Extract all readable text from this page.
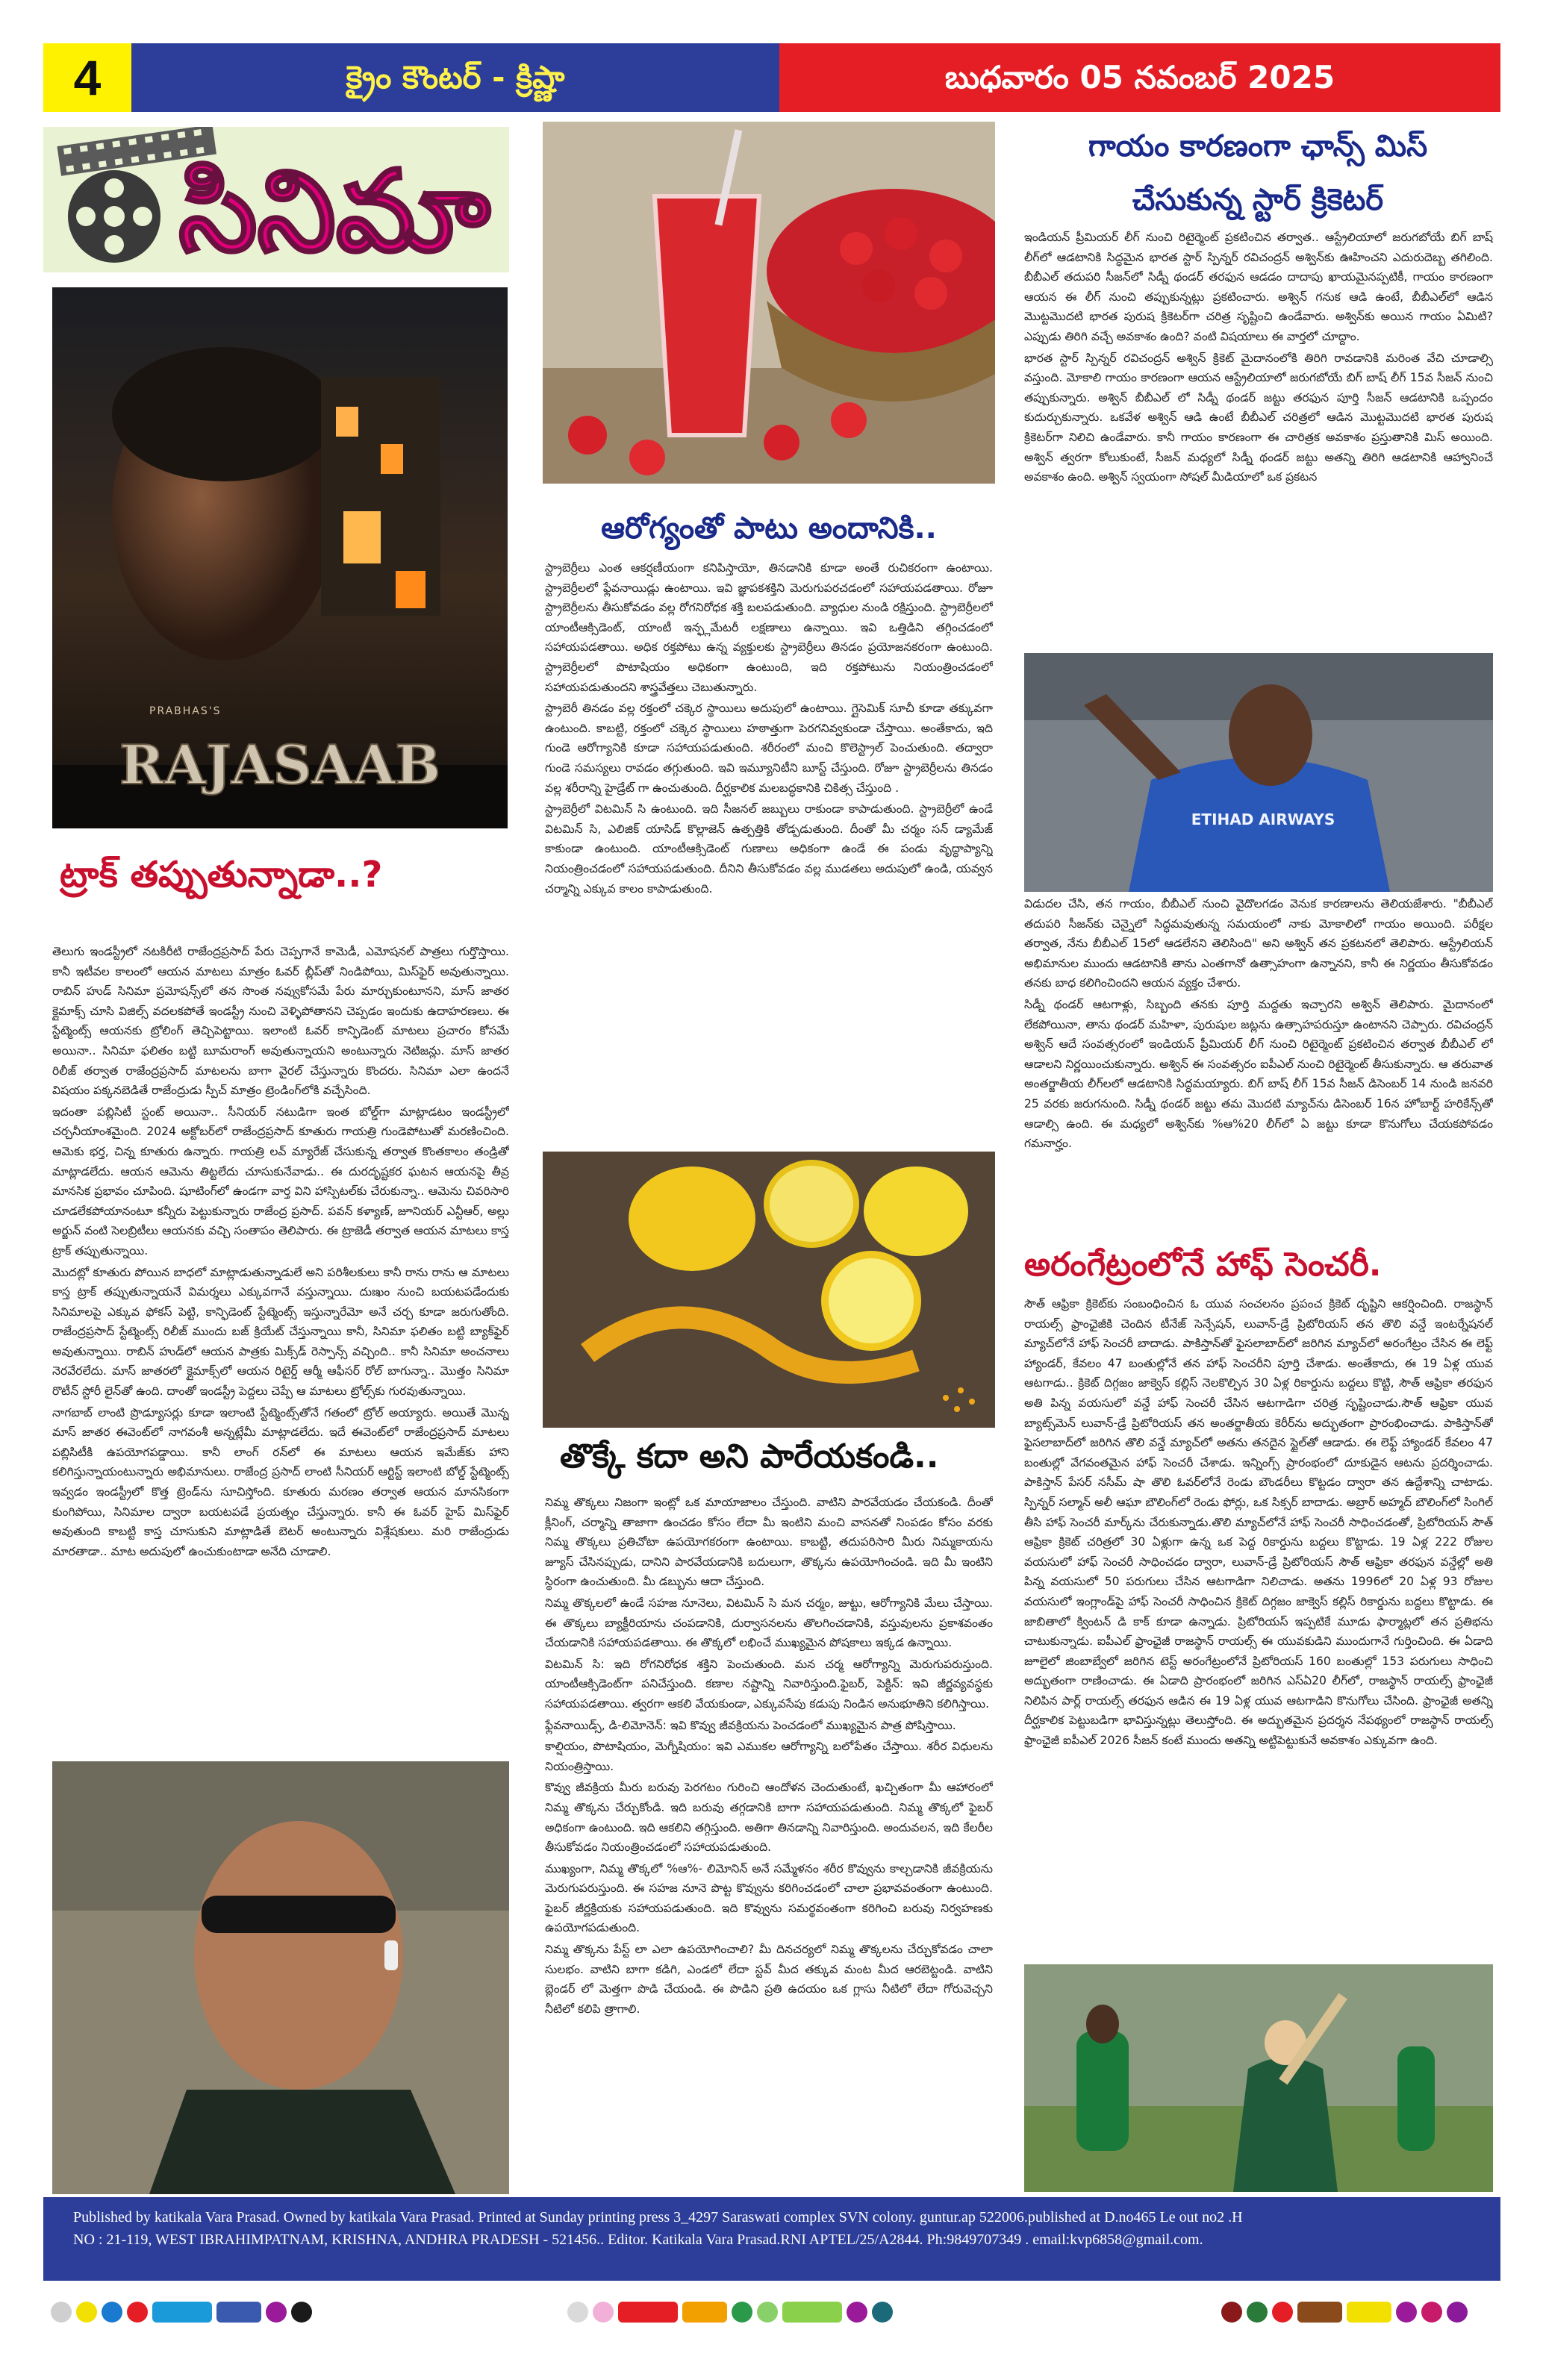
4	క్రైం కౌంటర్ - క్రిష్ణా	బుధవారం 05 నవంబర్ 2025
సినిమా
PRABHAS'S
RAJASAAB
ట్రాక్ తప్పుతున్నాడా..?

తెలుగు ఇండస్ట్రీలో నటకిరీటి రాజేంద్రప్రసాద్ పేరు చెప్పగానే కామెడీ, ఎమోషనల్ పాత్రలు గుర్తొస్తాయి. కానీ ఇటీవల కాలంలో ఆయన మాటలు మాత్రం ఓవర్ బ్లీప్‌తో నిండిపోయి, మిస్‌ఫైర్ అవుతున్నాయి. రాబిన్ హుడ్ సినిమా ప్రమోషన్స్‌లో తన సొంత నవ్వుకోసమే పేరు మార్చుకుంటూనని, మాస్ జాతర క్లైమాక్స్ చూసి విజిల్స్ వదలకపోతే ఇండస్ట్రీ నుంచి వెళ్ళిపోతానని చెప్పడం ఇందుకు ఉదాహరణలు. ఈ స్టేట్మెంట్స్ ఆయనకు ట్రోలింగ్ తెచ్చిపెట్టాయి. ఇలాంటి ఓవర్ కాన్ఫిడెంట్ మాటలు ప్రచారం కోసమే అయినా.. సినిమా ఫలితం బట్టి బూమరాంగ్ అవుతున్నాయని అంటున్నారు నెటిజన్లు. మాస్ జాతర రిలీజ్ తర్వాత రాజేంద్రప్రసాద్ మాటలను బాగా వైరల్ చేస్తున్నారు కొందరు. సినిమా ఎలా ఉందనే విషయం పక్కనబెడితే రాజేంద్రుడు స్పీచ్ మాత్రం ట్రెండింగ్‌లోకి వచ్చేసింది.

ఇదంతా పబ్లిసిటీ స్టంట్ అయినా.. సీనియర్ నటుడిగా ఇంత బోల్డ్‌గా మాట్లాడటం ఇండస్ట్రీలో చర్చనీయాంశమైంది. 2024 అక్టోబర్‌లో రాజేంద్రప్రసాద్ కూతురు గాయత్రి గుండెపోటుతో మరణించింది. ఆమెకు భర్త, చిన్న కూతురు ఉన్నారు. గాయత్రి లవ్ మ్యారేజ్ చేసుకున్న తర్వాత కొంతకాలం తండ్రితో మాట్లాడలేదు. ఆయన ఆమెను తిట్టలేదు చూసుకునేవాడు.. ఈ దురదృష్టకర ఘటన ఆయనపై తీవ్ర మానసిక ప్రభావం చూపింది. షూటింగ్‌లో ఉండగా వార్త విని హాస్పిటల్‌కు చేరుకున్నా.. ఆమెను చివరిసారి చూడలేకపోయానంటూ కన్నీరు పెట్టుకున్నారు రాజేంద్ర ప్రసాద్. పవన్ కళ్యాణ్, జూనియర్ ఎన్టీఆర్, అల్లు అర్జున్ వంటి సెలబ్రిటీలు ఆయనకు వచ్చి సంతాపం తెలిపారు. ఈ ట్రాజెడీ తర్వాత ఆయన మాటలు కాస్త ట్రాక్ తప్పుతున్నాయి.

మొదట్లో కూతురు పోయిన బాధలో మాట్లాడుతున్నాడులే అని పరిశీలకులు కానీ రాను రాను ఆ మాటలు కాస్త ట్రాక్ తప్పుతున్నాయనే విమర్శలు ఎక్కువగానే వస్తున్నాయి. దుఃఖం నుంచి బయటపడేందుకు సినిమాలపై ఎక్కువ ఫోకస్ పెట్టి, కాన్ఫిడెంట్ స్టేట్మెంట్స్ ఇస్తున్నారేమో అనే చర్చ కూడా జరుగుతోంది. రాజేంద్రప్రసాద్ స్టేట్మెంట్స్ రిలీజ్ ముందు బజ్ క్రియేట్ చేస్తున్నాయి కానీ, సినిమా ఫలితం బట్టి బ్యాక్‌ఫైర్ అవుతున్నాయి. రాబిన్ హుడ్‌లో ఆయన పాత్రకు మిక్స్‌డ్ రెస్పాన్స్ వచ్చింది.. కానీ సినిమా అంచనాలు నెరవేరలేదు. మాస్ జాతరలో క్లైమాక్స్‌లో ఆయన రిటైర్డ్ ఆర్మీ ఆఫీసర్ రోల్ బాగున్నా.. మొత్తం సినిమా రొటీన్ స్టోరీ లైన్‌తో ఉంది. దాంతో ఇండస్ట్రీ పెద్దలు చెప్పే ఆ మాటలు ట్రోల్స్‌కు గురవుతున్నాయి.

నాగబాబ్ లాంటి ప్రొడ్యూసర్లు కూడా ఇలాంటి స్టేట్మెంట్స్‌తోనే గతంలో ట్రోల్ అయ్యారు. అయితే మొన్న మాస్ జాతర ఈవెంట్‌లో నాగవంశీ అన్నట్లేమీ మాట్లాడలేదు. ఇదే ఈవెంట్‌లో రాజేంద్రప్రసాద్ మాటలు పబ్లిసిటీకి ఉపయోగపడ్డాయి. కానీ లాంగ్ రన్‌లో ఈ మాటలు ఆయన ఇమేజ్‌కు హాని కలిగిస్తున్నాయంటున్నారు అభిమానులు. రాజేంద్ర ప్రసాద్ లాంటి సీనియర్ ఆర్టిస్ట్ ఇలాంటి బోల్డ్ స్టేట్మెంట్స్ ఇవ్వడం ఇండస్ట్రీలో కొత్త ట్రెండ్‌ను సూచిస్తోంది. కూతురు మరణం తర్వాత ఆయన మానసికంగా కుంగిపోయి, సినిమాల ద్వారా బయటపడే ప్రయత్నం చేస్తున్నారు. కానీ ఈ ఓవర్ హైప్ మిస్‌ఫైర్ అవుతుంది కాబట్టి కాస్త చూసుకుని మాట్లాడితే బెటర్ అంటున్నారు విశ్లేషకులు. మరి రాజేంద్రుడు మారతాడా.. మాట అదుపులో ఉంచుకుంటాడా అనేది చూడాలి.

ఆరోగ్యంతో పాటు అందానికి..

స్ట్రాబెర్రీలు ఎంత ఆకర్షణీయంగా కనిపిస్తాయో, తినడానికి కూడా అంతే రుచికరంగా ఉంటాయి. స్ట్రాబెర్రీలలో ఫ్లేవనాయిడ్లు ఉంటాయి. ఇవి జ్ఞాపకశక్తిని మెరుగుపరచడంలో సహాయపడతాయి. రోజూ స్ట్రాబెర్రీలను తీసుకోవడం వల్ల రోగనిరోధక శక్తి బలపడుతుంది. వ్యాధుల నుండి రక్షిస్తుంది. స్ట్రాబెర్రీలలో యాంటీఆక్సిడెంట్, యాంటీ ఇన్ఫ్లమేటరీ లక్షణాలు ఉన్నాయి. ఇవి ఒత్తిడిని తగ్గించడంలో సహాయపడతాయి. అధిక రక్తపోటు ఉన్న వ్యక్తులకు స్ట్రాబెర్రీలు తినడం ప్రయోజనకరంగా ఉంటుంది. స్ట్రాబెర్రీలలో పొటాషియం అధికంగా ఉంటుంది, ఇది రక్తపోటును నియంత్రించడంలో సహాయపడుతుందని శాస్త్రవేత్తలు చెబుతున్నారు.

స్ట్రాబెరీ తినడం వల్ల రక్తంలో చక్కెర స్థాయిలు అదుపులో ఉంటాయి. గ్లైసెమిక్ సూచీ కూడా తక్కువగా ఉంటుంది. కాబట్టి, రక్తంలో చక్కెర స్థాయిలు హఠాత్తుగా పెరగనివ్వకుండా చేస్తాయి. అంతేకాదు, ఇది గుండె ఆరోగ్యానికి కూడా సహాయపడుతుంది. శరీరంలో మంచి కొలెస్ట్రాల్ పెంచుతుంది. తద్వారా గుండె సమస్యలు రావడం తగ్గుతుంది. ఇవి ఇమ్యూనిటీని బూస్ట్ చేస్తుంది. రోజూ స్ట్రాబెర్రీలను తినడం వల్ల శరీరాన్ని హైడ్రేట్ గా ఉంచుతుంది. దీర్ఘకాలిక మలబద్ధకానికి చికిత్స చేస్తుంది .

స్ట్రాబెర్రీలో విటమిన్ సి ఉంటుంది. ఇది సీజనల్ జబ్బులు రాకుండా కాపాడుతుంది. స్ట్రాబెర్రీలో ఉండే విటమిన్ సి, ఎలిజిక్ యాసిడ్ కొల్లాజెన్ ఉత్పత్తికి తోడ్పడుతుంది. దీంతో మీ చర్మం సన్ డ్యామేజ్ కాకుండా ఉంటుంది. యాంటీఆక్సిడెంట్ గుణాలు అధికంగా ఉండే ఈ పండు వృద్ధాప్యాన్ని నియంత్రించడంలో సహాయపడుతుంది. దీనిని తీసుకోవడం వల్ల ముడతలు అదుపులో ఉండి, యవ్వన చర్మాన్ని ఎక్కువ కాలం కాపాడుతుంది.

తొక్కే కదా అని పారేయకండి..

నిమ్మ తొక్కలు నిజంగా ఇంట్లో ఒక మాయాజాలం చేస్తుంది. వాటిని పారవేయడం చేయకండి. దీంతో క్లీనింగ్, చర్మాన్ని తాజాగా ఉంచడం కోసం లేదా మీ ఇంటిని మంచి వాసనతో నింపడం కోసం వరకు నిమ్మ తొక్కలు ప్రతిచోటా ఉపయోగకరంగా ఉంటాయి. కాబట్టి, తదుపరిసారి మీరు నిమ్మకాయను జ్యూస్ చేసినప్పుడు, దానిని పారవేయడానికి బదులుగా, తొక్కను ఉపయోగించండి. ఇది మీ ఇంటిని స్థిరంగా ఉంచుతుంది. మీ డబ్బును ఆదా చేస్తుంది.

నిమ్మ తొక్కలలో ఉండే సహజ నూనెలు, విటమిన్ సి మన చర్మం, జుట్టు, ఆరోగ్యానికి మేలు చేస్తాయి. ఈ తొక్కలు బ్యాక్టీరియాను చంపడానికి, దుర్వాసనలను తొలగించడానికి, వస్తువులను ప్రకాశవంతం చేయడానికి సహాయపడతాయి. ఈ తొక్కలో లభించే ముఖ్యమైన పోషకాలు ఇక్కడ ఉన్నాయి.

విటమిన్ సి: ఇది రోగనిరోధక శక్తిని పెంచుతుంది. మన చర్మ ఆరోగ్యాన్ని మెరుగుపరుస్తుంది. యాంటీఆక్సిడెంట్‌గా పనిచేస్తుంది. కణాల నష్టాన్ని నివారిస్తుంది.ఫైబర్, పెక్టిన్: ఇవి జీర్ణవ్యవస్థకు సహాయపడతాయి. త్వరగా ఆకలి వేయకుండా, ఎక్కువసేపు కడుపు నిండిన అనుభూతిని కలిగిస్తాయి.

ఫ్లేవనాయిడ్స్, డి-లిమోనెన్: ఇవి కొవ్వు జీవక్రియను పెంచడంలో ముఖ్యమైన పాత్ర పోషిస్తాయి.

కాల్షియం, పొటాషియం, మెగ్నీషియం: ఇవి ఎముకల ఆరోగ్యాన్ని బలోపేతం చేస్తాయి. శరీర విధులను నియంత్రిస్తాయి.

కొవ్వు జీవక్రియ మీరు బరువు పెరగటం గురించి ఆందోళన చెందుతుంటే, ఖచ్చితంగా మీ ఆహారంలో నిమ్మ తొక్కను చేర్చుకోండి. ఇది బరువు తగ్గడానికి బాగా సహాయపడుతుంది. నిమ్మ తొక్కలో ఫైబర్ అధికంగా ఉంటుంది. ఇది ఆకలిని తగ్గిస్తుంది. అతిగా తినడాన్ని నివారిస్తుంది. అందువలన, ఇది కేలరీల తీసుకోవడం నియంత్రించడంలో సహాయపడుతుంది.

ముఖ్యంగా, నిమ్మ తొక్కలో %ఆ%- లిమోనిన్ అనే సమ్మేళనం శరీర కొవ్వును కాల్చడానికి జీవక్రియను మెరుగుపరుస్తుంది. ఈ సహజ నూనె పొట్ట కొవ్వును కరిగించడంలో చాలా ప్రభావవంతంగా ఉంటుంది. ఫైబర్ జీర్ణక్రియకు సహాయపడుతుంది. ఇది కొవ్వును సమర్థవంతంగా కరిగించి బరువు నిర్వహణకు ఉపయోగపడుతుంది.

నిమ్మ తొక్కను పేస్ట్ లా ఎలా ఉపయోగించాలి? మీ దినచర్యలో నిమ్మ తొక్కలను చేర్చుకోవడం చాలా సులభం. వాటిని బాగా కడిగి, ఎండలో లేదా స్టవ్ మీద తక్కువ మంట మీద ఆరబెట్టండి. వాటిని బ్లెండర్ లో మెత్తగా పొడి చేయండి. ఈ పొడిని ప్రతి ఉదయం ఒక గ్లాసు నీటిలో లేదా గోరువెచ్చని నీటిలో కలిపి త్రాగాలి.

గాయం కారణంగా ఛాన్స్ మిస్
చేసుకున్న స్టార్ క్రికెటర్

ఇండియన్ ప్రీమియర్ లీగ్ నుంచి రిటైర్మెంట్ ప్రకటించిన తర్వాత.. ఆస్ట్రేలియాలో జరుగబోయే బిగ్ బాష్ లీగ్‌లో ఆడటానికి సిద్ధమైన భారత స్టార్ స్పిన్నర్ రవిచంద్రన్ అశ్విన్‌కు ఊహించని ఎదురుదెబ్బ తగిలింది. బీబీఎల్ తదుపరి సీజన్‌లో సిడ్నీ థండర్ తరఫున ఆడడం దాదాపు ఖాయమైనప్పటికీ, గాయం కారణంగా ఆయన ఈ లీగ్ నుంచి తప్పుకున్నట్లు ప్రకటించారు. అశ్విన్ గనుక ఆడి ఉంటే, బీబీఎల్‌లో ఆడిన మొట్టమొదటి భారత పురుష క్రికెటర్‌గా చరిత్ర సృష్టించి ఉండేవారు. అశ్విన్‌కు అయిన గాయం ఏమిటి? ఎప్పుడు తిరిగి వచ్చే అవకాశం ఉంది? వంటి విషయాలు ఈ వార్తలో చూద్దాం.

భారత స్టార్ స్పిన్నర్ రవిచంద్రన్ అశ్విన్ క్రికెట్ మైదానంలోకి తిరిగి రావడానికి మరింత వేచి చూడాల్సి వస్తుంది. మోకాలి గాయం కారణంగా ఆయన ఆస్ట్రేలియాలో జరుగబోయే బిగ్ బాష్ లీగ్ 15వ సీజన్ నుంచి తప్పుకున్నారు. అశ్విన్ బీబీఎల్ లో సిడ్నీ థండర్ జట్టు తరఫున పూర్తి సీజన్ ఆడటానికి ఒప్పందం కుదుర్చుకున్నారు. ఒకవేళ అశ్విన్ ఆడి ఉంటే బీబీఎల్ చరిత్రలో ఆడిన మొట్టమొదటి భారత పురుష క్రికెటర్‌గా నిలిచి ఉండేవారు. కానీ గాయం కారణంగా ఈ చారిత్రక అవకాశం ప్రస్తుతానికి మిస్ అయింది. అశ్విన్ త్వరగా కోలుకుంటే, సీజన్ మధ్యలో సిడ్నీ థండర్ జట్టు అతన్ని తిరిగి ఆడటానికి ఆహ్వానించే అవకాశం ఉంది. అశ్విన్ స్వయంగా సోషల్ మీడియాలో ఒక ప్రకటన

ETIHAD AIRWAYS

విడుదల చేసి, తన గాయం, బీబీఎల్ నుంచి వైదొలగడం వెనుక కారణాలను తెలియజేశారు. "బీబీఎల్ తదుపరి సీజన్‌కు చెన్నైలో సిద్ధమవుతున్న సమయంలో నాకు మోకాలిలో గాయం అయింది. పరీక్షల తర్వాత, నేను బీబీఎల్ 15లో ఆడలేనని తెలిసింది" అని అశ్విన్ తన ప్రకటనలో తెలిపారు. ఆస్ట్రేలియన్ అభిమానుల ముందు ఆడటానికి తాను ఎంతగానో ఉత్సాహంగా ఉన్నానని, కానీ ఈ నిర్ణయం తీసుకోవడం తనకు బాధ కలిగించిందని ఆయన వ్యక్తం చేశారు.

సిడ్నీ థండర్ ఆటగాళ్లు, సిబ్బంది తనకు పూర్తి మద్దతు ఇచ్చారని అశ్విన్ తెలిపారు. మైదానంలో లేకపోయినా, తాను థండర్ మహిళా, పురుషుల జట్లను ఉత్సాహపరుస్తూ ఉంటానని చెప్పారు. రవిచంద్రన్ అశ్విన్ ఆదే సంవత్సరంలో ఇండియన్ ప్రీమియర్ లీగ్ నుంచి రిటైర్మెంట్ ప్రకటించిన తర్వాత బీబీఎల్ లో ఆడాలని నిర్ణయించుకున్నారు. అశ్విన్ ఈ సంవత్సరం ఐపీఎల్ నుంచి రిటైర్మెంట్ తీసుకున్నారు. ఆ తరువాత అంతర్జాతీయ లీగ్‌లలో ఆడటానికి సిద్ధమయ్యారు. బిగ్ బాష్ లీగ్ 15వ సీజన్ డిసెంబర్ 14 నుండి జనవరి 25 వరకు జరుగనుంది. సిడ్నీ థండర్ జట్టు తమ మొదటి మ్యాచ్‌ను డిసెంబర్ 16న హోబార్ట్ హరికేన్స్‌తో ఆడాల్సి ఉంది. ఈ మధ్యలో అశ్విన్‌కు %ఆ%20 లీగ్‌లో ఏ జట్టు కూడా కొనుగోలు చేయకపోవడం గమనార్హం.

అరంగేట్రంలోనే హాఫ్ సెంచరీ.

సౌత్ ఆఫ్రికా క్రికెట్‌కు సంబంధించిన ఓ యువ సంచలనం ప్రపంచ క్రికెట్ దృష్టిని ఆకర్షించింది. రాజస్థాన్ రాయల్స్ ఫ్రాంఛైజీకి చెందిన టీనేజ్ సెన్సేషన్, లువాన్-డ్రే ప్రిటోరియస్ తన తొలి వన్డే ఇంటర్నేషనల్ మ్యాచ్‌లోనే హాఫ్ సెంచరీ బాదాడు. పాకిస్తాన్‌తో ఫైసలాబాద్‌లో జరిగిన మ్యాచ్‌లో అరంగేట్రం చేసిన ఈ లెఫ్ట్ హ్యాండర్, కేవలం 47 బంతుల్లోనే తన హాఫ్ సెంచరీని పూర్తి చేశాడు. అంతేకాదు, ఈ 19 ఏళ్ల యువ ఆటగాడు.. క్రికెట్ దిగ్గజం జాక్వెస్ కల్లిస్ నెలకొల్పిన 30 ఏళ్ల రికార్డును బద్దలు కొట్టి, సౌత్ ఆఫ్రికా తరఫున అతి పిన్న వయసులో వన్డే హాఫ్ సెంచరీ చేసిన ఆటగాడిగా చరిత్ర సృష్టించాడు.సౌత్ ఆఫ్రికా యువ బ్యాట్స్‌మెన్ లువాన్-డ్రే ప్రిటోరియస్ తన అంతర్జాతీయ కెరీర్‌ను అద్భుతంగా ప్రారంభించాడు. పాకిస్తాన్‌తో ఫైసలాబాద్‌లో జరిగిన తొలి వన్డే మ్యాచ్‌లో అతను తనదైన స్టైల్‌తో ఆడాడు. ఈ లెఫ్ట్ హ్యాండర్ కేవలం 47 బంతుల్లో వేగవంతమైన హాఫ్ సెంచరీ చేశాడు. ఇన్నింగ్స్ ప్రారంభంలో దూకుడైన ఆటను ప్రదర్శించాడు. పాకిస్తాన్ పేసర్ నసీమ్ షా తొలి ఓవర్‌లోనే రెండు బౌండరీలు కొట్టడం ద్వారా తన ఉద్దేశాన్ని చాటాడు. స్పిన్నర్ సల్మాన్ అలీ ఆఘా బౌలింగ్‌లో రెండు ఫోర్లు, ఒక సిక్సర్ బాదాడు. అబ్రార్ అహ్మద్ బౌలింగ్‌లో సింగిల్ తీసి హాఫ్ సెంచరీ మార్క్‌ను చేరుకున్నాడు.తొలి మ్యాచ్‌లోనే హాఫ్ సెంచరీ సాధించడంతో, ప్రిటోరియస్ సౌత్ ఆఫ్రికా క్రికెట్ చరిత్రలో 30 ఏళ్లుగా ఉన్న ఒక పెద్ద రికార్డును బద్దలు కొట్టాడు. 19 ఏళ్ల 222 రోజుల వయసులో హాఫ్ సెంచరీ సాధించడం ద్వారా, లువాన్-డ్రే ప్రిటోరియస్ సౌత్ ఆఫ్రికా తరఫున వన్డేల్లో అతి పిన్న వయసులో 50 పరుగులు చేసిన ఆటగాడిగా నిలిచాడు. అతను 1996లో 20 ఏళ్ల 93 రోజుల వయసులో ఇంగ్లాండ్‌పై హాఫ్ సెంచరీ సాధించిన క్రికెట్ దిగ్గజం జాక్వెస్ కల్లిస్ రికార్డును బద్దలు కొట్టాడు. ఈ జాబితాలో క్వింటన్ డి కాక్ కూడా ఉన్నాడు. ప్రిటోరియస్ ఇప్పటికే మూడు ఫార్మాట్లలో తన ప్రతిభను చాటుకున్నాడు. ఐపీఎల్ ఫ్రాంఛైజీ రాజస్థాన్ రాయల్స్ ఈ యువకుడిని ముందుగానే గుర్తించింది. ఈ ఏడాది జూలైలో జింబాబ్వేలో జరిగిన టెస్ట్ అరంగేట్రంలోనే ప్రిటోరియస్ 160 బంతుల్లో 153 పరుగులు సాధించి అద్భుతంగా రాణించాడు. ఈ ఏడాది ప్రారంభంలో జరిగిన ఎస్ఏ20 లీగ్‌లో, రాజస్థాన్ రాయల్స్ ఫ్రాంఛైజీ నిలిపిన పార్ల్ రాయల్స్ తరఫున ఆడిన ఈ 19 ఏళ్ల యువ ఆటగాడిని కొనుగోలు చేసింది. ఫ్రాంఛైజీ అతన్ని దీర్ఘకాలిక పెట్టుబడిగా భావిస్తున్నట్లు తెలుస్తోంది. ఈ అద్భుతమైన ప్రదర్శన నేపథ్యంలో రాజస్థాన్ రాయల్స్ ఫ్రాంఛైజీ ఐపీఎల్ 2026 సీజన్ కంటే ముందు అతన్ని అట్టిపెట్టుకునే అవకాశం ఎక్కువగా ఉంది.

Published by katikala Vara Prasad. Owned by katikala Vara Prasad. Printed at Sunday printing press 3_4297 Saraswati complex SVN colony. guntur.ap 522006.published at D.no465 Le out no2 .H
NO : 21-119, WEST IBRAHIMPATNAM, KRISHNA, ANDHRA PRADESH - 521456.. Editor. Katikala Vara Prasad.RNI APTEL/25/A2844. Ph:9849707349 . email:kvp6858@gmail.com.
